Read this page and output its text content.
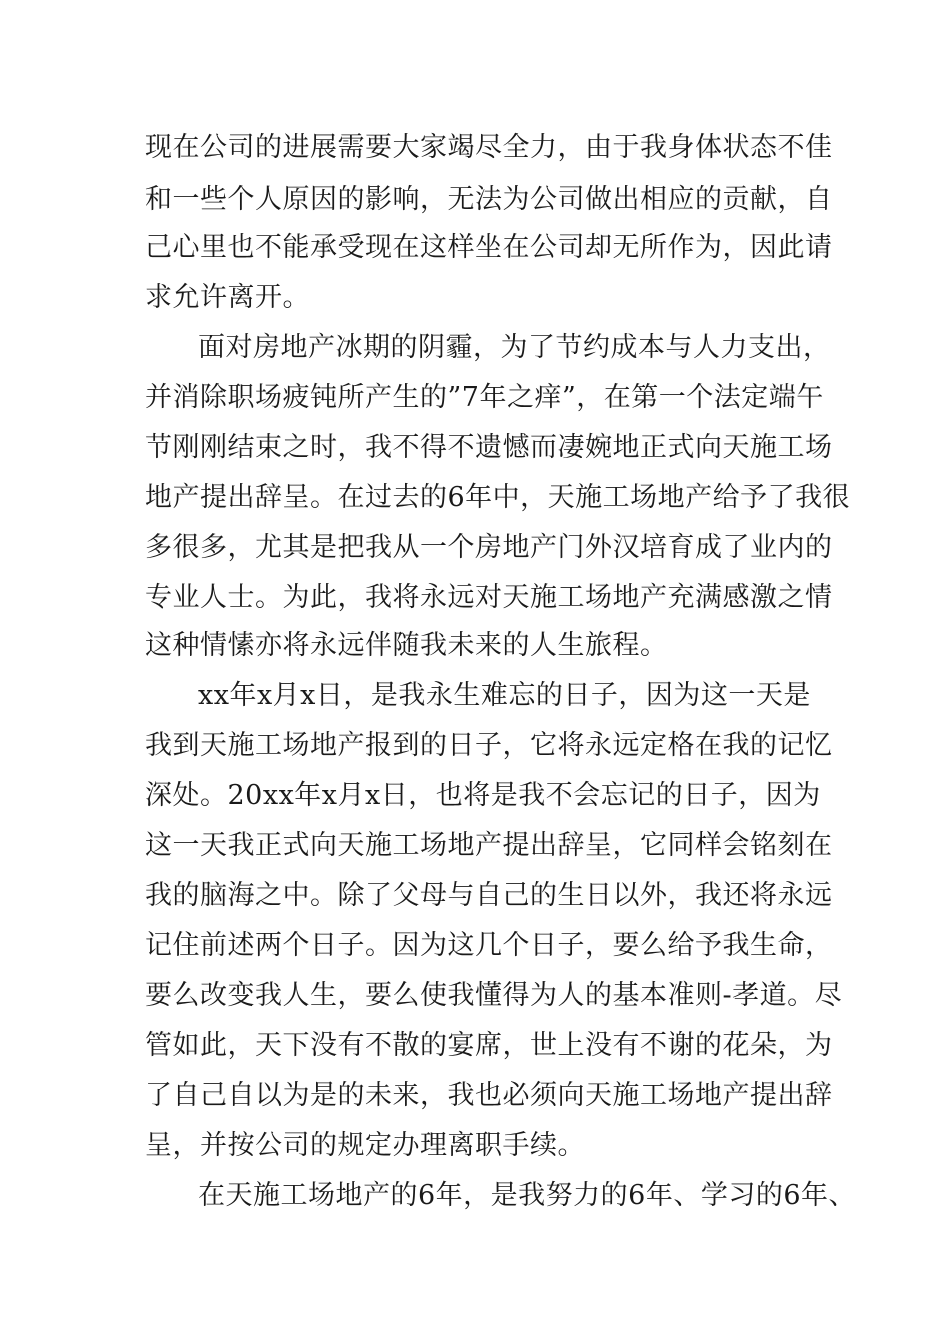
现在公司的进展需要大家竭尽全力，由于我身体状态不佳
和一些个人原因的影响，无法为公司做出相应的贡献，自
己心里也不能承受现在这样坐在公司却无所作为，因此请
求允许离开。
面对房地产冰期的阴霾，为了节约成本与人力支出，
并消除职场疲钝所产生的”7年之痒”，在第一个法定端午
节刚刚结束之时，我不得不遗憾而凄婉地正式向天施工场
地产提出辞呈。在过去的6年中，天施工场地产给予了我很
多很多，尤其是把我从一个房地产门外汉培育成了业内的
专业人士。为此，我将永远对天施工场地产充满感激之情
这种情愫亦将永远伴随我未来的人生旅程。
xx年x月x日，是我永生难忘的日子，因为这一天是
我到天施工场地产报到的日子，它将永远定格在我的记忆
深处。20xx年x月x日，也将是我不会忘记的日子，因为
这一天我正式向天施工场地产提出辞呈，它同样会铭刻在
我的脑海之中。除了父母与自己的生日以外，我还将永远
记住前述两个日子。因为这几个日子，要么给予我生命，
要么改变我人生，要么使我懂得为人的基本准则-孝道。尽
管如此，天下没有不散的宴席，世上没有不谢的花朵，为
了自己自以为是的未来，我也必须向天施工场地产提出辞
呈，并按公司的规定办理离职手续。
在天施工场地产的6年，是我努力的6年、学习的6年、
